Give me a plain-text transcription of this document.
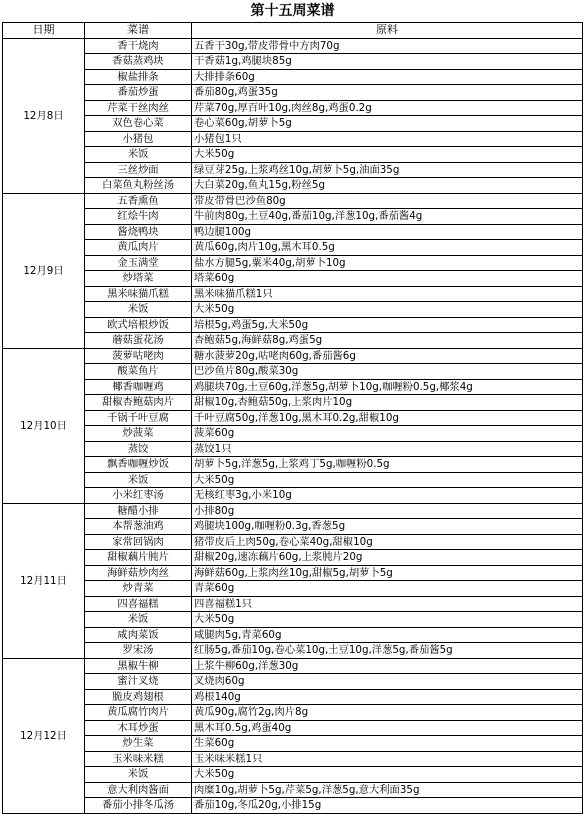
第十五周菜谱
日期	菜谱	原料
12月8日	香干烧肉	五香干30g,带皮带骨中方肉70g
	香菇蒸鸡块	干香菇1g,鸡腿块85g
	椒盐排条	大排排条60g
	番茄炒蛋	番茄80g,鸡蛋35g
	芹菜干丝肉丝	芹菜70g,厚百叶10g,肉丝8g,鸡蛋0.2g
	双色卷心菜	卷心菜60g,胡萝卜5g
	小猪包	小猪包1只
	米饭	大米50g
	三丝炒面	绿豆芽25g,上浆鸡丝10g,胡萝卜5g,油面35g
	白菜鱼丸粉丝汤	大白菜20g,鱼丸15g,粉丝5g
12月9日	五香熏鱼	带皮带骨巴沙鱼80g
	红烩牛肉	牛前肉80g,土豆40g,番茄10g,洋葱10g,番茄酱4g
	酱烧鸭块	鸭边腿100g
	黄瓜肉片	黄瓜60g,肉片10g,黑木耳0.5g
	金玉满堂	盐水方腿5g,粟米40g,胡萝卜10g
	炒塔菜	塔菜60g
	黑米味猫爪糕	黑米味猫爪糕1只
	米饭	大米50g
	欧式培根炒饭	培根5g,鸡蛋5g,大米50g
	蘑菇蛋花汤	杏鲍菇5g,海鲜菇8g,鸡蛋5g
12月10日	菠萝咕咾肉	糖水菠萝20g,咕咾肉60g,番茄酱6g
	酸菜鱼片	巴沙鱼片80g,酸菜30g
	椰香咖喱鸡	鸡腿块70g,土豆60g,洋葱5g,胡萝卜10g,咖喱粉0.5g,椰浆4g
	甜椒杏鲍菇肉片	甜椒10g,杏鲍菇50g,上浆肉片10g
	千锅千叶豆腐	千叶豆腐50g,洋葱10g,黑木耳0.2g,甜椒10g
	炒菠菜	菠菜60g
	蒸饺	蒸饺1只
	飘香咖喱炒饭	胡萝卜5g,洋葱5g,上浆鸡丁5g,咖喱粉0.5g
	米饭	大米50g
	小米红枣汤	无核红枣3g,小米10g
12月11日	糖醋小排	小排80g
	本帮葱油鸡	鸡腿块100g,咖喱粉0.3g,香葱5g
	家常回锅肉	猪带皮后上肉50g,卷心菜40g,甜椒10g
	甜椒藕片肫片	甜椒20g,速冻藕片60g,上浆肫片20g
	海鲜菇炒肉丝	海鲜菇60g,上浆肉丝10g,甜椒5g,胡萝卜5g
	炒青菜	青菜60g
	四喜福糕	四喜福糕1只
	米饭	大米50g
	咸肉菜饭	咸腿肉5g,青菜60g
	罗宋汤	红肠5g,番茄10g,卷心菜10g,土豆10g,洋葱5g,番茄酱5g
12月12日	黑椒牛柳	上浆牛柳60g,洋葱30g
	蜜汁叉烧	叉烧肉60g
	脆皮鸡翅根	鸡根140g
	黄瓜腐竹肉片	黄瓜90g,腐竹2g,肉片8g
	木耳炒蛋	黑木耳0.5g,鸡蛋40g
	炒生菜	生菜60g
	玉米味米糕	玉米味米糕1只
	米饭	大米50g
	意大利肉酱面	肉糜10g,胡萝卜5g,芹菜5g,洋葱5g,意大利面35g
	番茄小排冬瓜汤	番茄10g,冬瓜20g,小排15g
